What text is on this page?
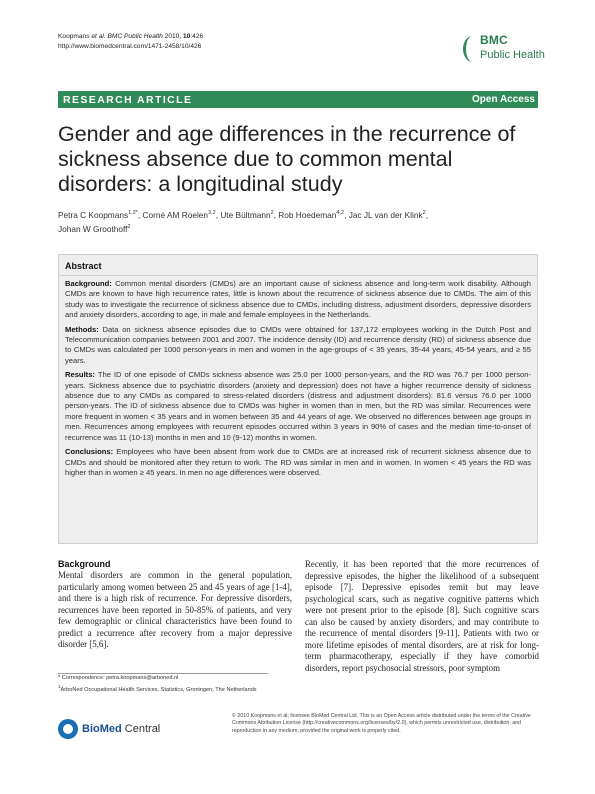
Koopmans et al. BMC Public Health 2010, 10:426
http://www.biomedcentral.com/1471-2458/10/426	BMC
Public Health
RESEARCH ARTICLE	Open Access
Gender and age differences in the recurrence of sickness absence due to common mental disorders: a longitudinal study
Petra C Koopmans$^{1,2*}$, Corné AM Roelen$^{3,2}$, Ute Bültmann$^2$, Rob Hoedeman$^{4,2}$, Jac JL van der Klink$^2$,
Johan W Groothoff$^2$
Abstract

Background: Common mental disorders (CMDs) are an important cause of sickness absence and long-term work disability. Although CMDs are known to have high recurrence rates, little is known about the recurrence of sickness absence due to CMDs. The aim of this study was to investigate the recurrence of sickness absence due to CMDs, including distress, adjustment disorders, depressive disorders and anxiety disorders, according to age, in male and female employees in the Netherlands.

Methods: Data on sickness absence episodes due to CMDs were obtained for 137,172 employees working in the Dutch Post and Telecommunication companies between 2001 and 2007. The incidence density (ID) and recurrence density (RD) of sickness absence due to CMDs was calculated per 1000 person-years in men and women in the age-groups of < 35 years, 35-44 years, 45-54 years, and ≥ 55 years.

Results: The ID of one episode of CMDs sickness absence was 25.0 per 1000 person-years, and the RD was 76.7 per 1000 person-years. Sickness absence due to psychiatric disorders (anxiety and depression) does not have a higher recurrence density of sickness absence due to any CMDs as compared to stress-related disorders (distress and adjustment disorders): 81.6 versus 76.0 per 1000 person-years. The ID of sickness absence due to CMDs was higher in women than in men, but the RD was similar. Recurrences were more frequent in women < 35 years and in women between 35 and 44 years of age. We observed no differences between age groups in men. Recurrences among employees with recurrent episodes occurred within 3 years in 90% of cases and the median time-to-onset of recurrence was 11 (10-13) months in men and 10 (9-12) months in women.

Conclusions: Employees who have been absent from work due to CMDs are at increased risk of recurrent sickness absence due to CMDs and should be monitored after they return to work. The RD was similar in men and in women. In women < 45 years the RD was higher than in women ≥ 45 years. In men no age differences were observed.

Background

Mental disorders are common in the general population, particularly among women between 25 and 45 years of age [1-4], and there is a high risk of recurrence. For depressive disorders, recurrences have been reported in 50-85% of patients, and very few demographic or clinical characteristics have been found to predict a recurrence after recovery from a major depressive disorder [5,6].

Recently, it has been reported that the more recurrences of depressive episodes, the higher the likelihood of a subsequent episode [7]. Depressive episodes remit but may leave psychological scars, such as negative cognitive patterns which were not present prior to the episode [8]. Such cognitive scars can also be caused by anxiety disorders, and may contribute to the recurrence of mental disorders [9-11]. Patients with two or more lifetime episodes of mental disorders, are at risk for long-term pharmacotherapy, especially if they have comorbid disorders, report psychosocial stressors, poor symptom

* Correspondence: petra.koopmans@arboned.nl
$^1$ArboNed Occupational Health Services, Statistics, Groningen, The Netherlands
BioMed Central
© 2010 Koopmans et al; licensee BioMed Central Ltd. This is an Open Access article distributed under the terms of the Creative Commons Attribution License (http://creativecommons.org/licenses/by/2.0), which permits unrestricted use, distribution, and reproduction in any medium, provided the original work is properly cited.
